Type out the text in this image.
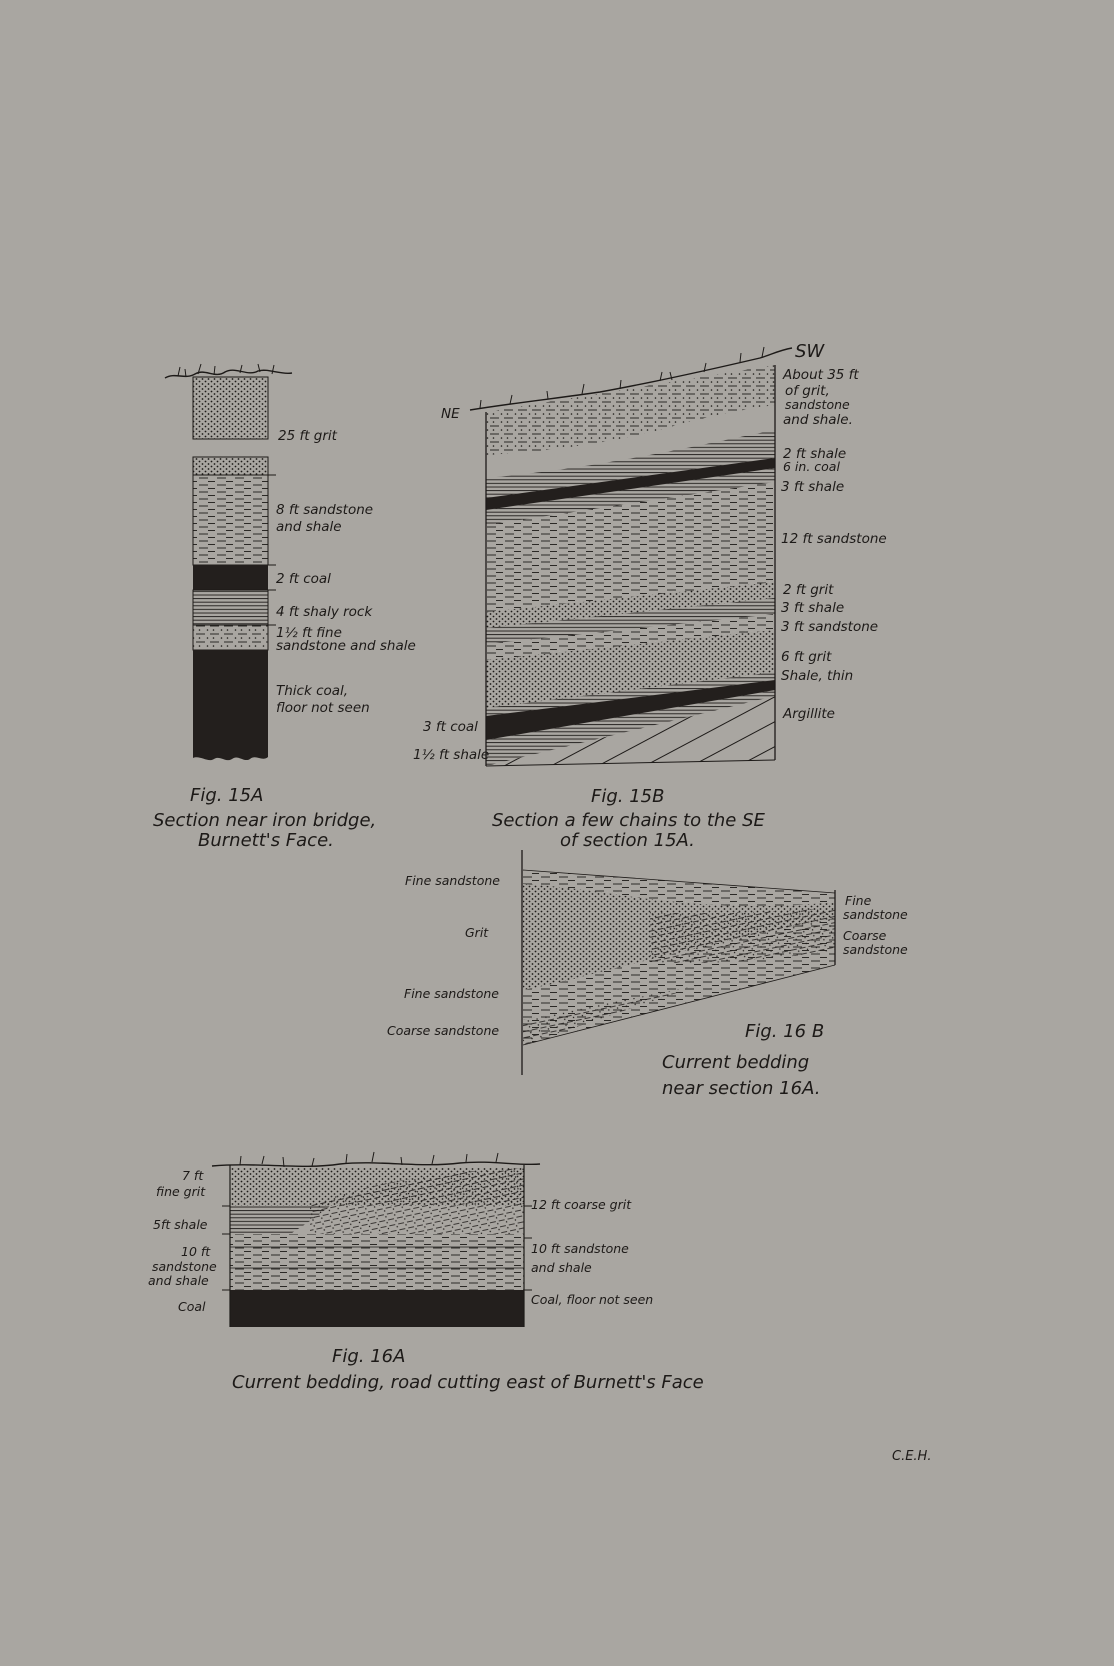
25 ft grit
8 ft sandstone
and shale
2 ft coal
4 ft shaly rock
1½ ft fine
sandstone and shale
Thick coal,
floor not seen
Fig. 15A
Section near iron bridge,
Burnett's Face.
NE
SW
About 35 ft
of grit,
sandstone
and shale.
2 ft shale
6 in. coal
3 ft shale
12 ft sandstone
2 ft grit
3 ft shale
3 ft sandstone
6 ft grit
Shale, thin
Argillite
3 ft coal
1½ ft shale
Fig. 15B
Section a few chains to the SE
of section 15A.
Fine sandstone
Grit
Fine sandstone
Coarse sandstone
Fine
sandstone
Coarse
sandstone
Fig. 16 B
Current bedding
near section 16A.
7 ft
fine grit
5ft shale
10 ft
sandstone
and shale
Coal
12 ft coarse grit
10 ft sandstone
and shale
Coal, floor not seen
Fig. 16A
Current bedding, road cutting east of Burnett's Face
C.E.H.
